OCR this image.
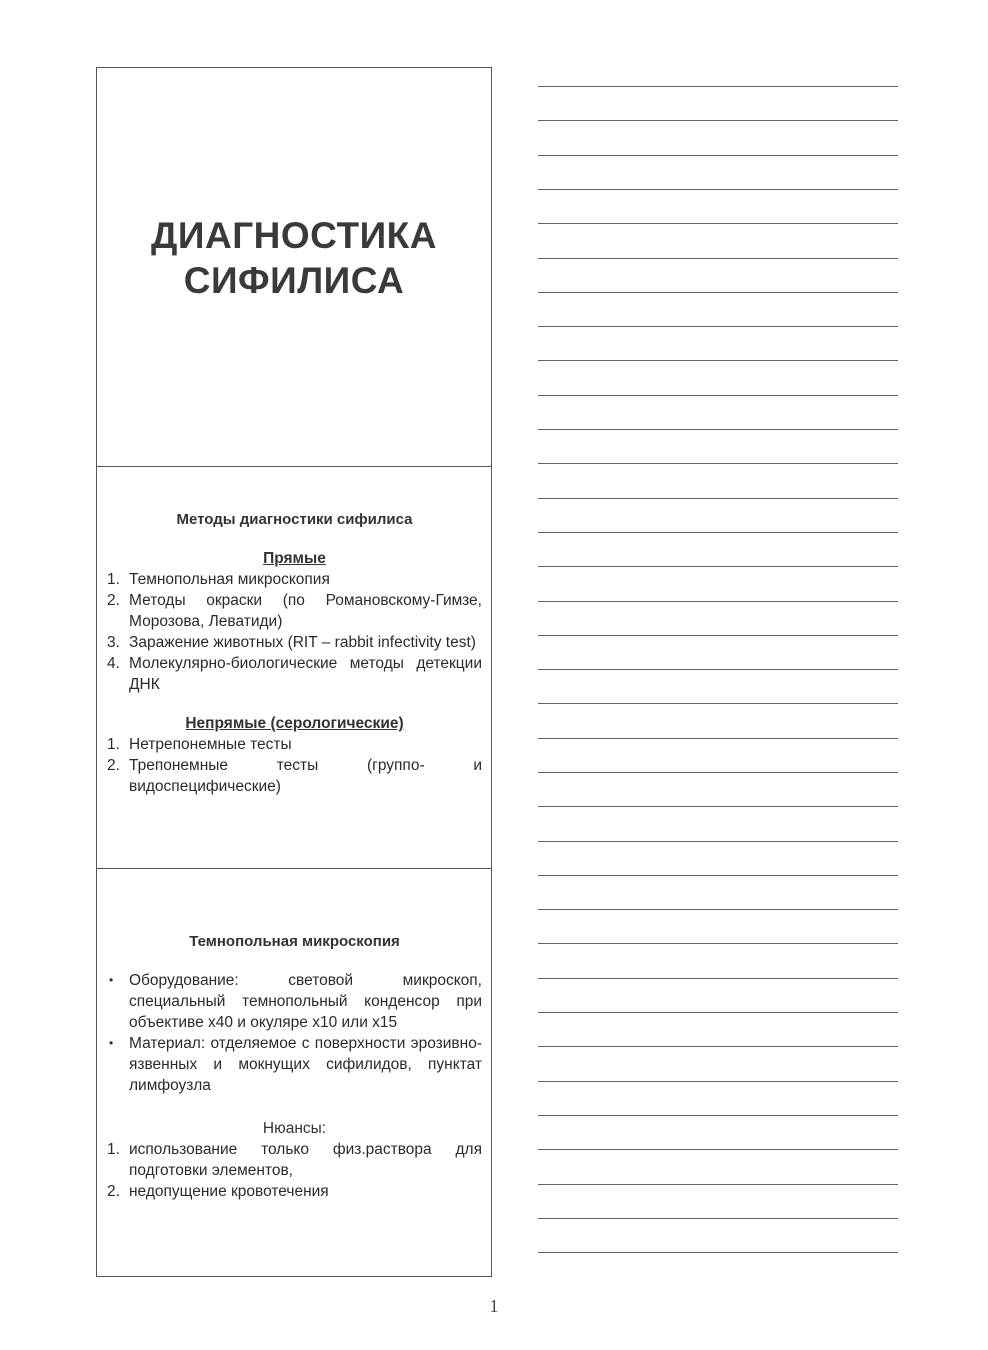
ДИАГНОСТИКА СИФИЛИСА

Методы диагностики сифилиса

Прямые

1. Темнопольная микроскопия
2. Методы окраски (по Романовскому-Гимзе, Морозова, Леватиди)
3. Заражение животных (RIT – rabbit infectivity test)
4. Молекулярно-биологические методы детекции ДНК

Непрямые (серологические)

1. Нетрепонемные тесты
2. Трепонемные тесты (группо- и видоспецифические)

Темнопольная микроскопия

•	Оборудование: световой микроскоп, специальный темнопольный конденсор при объективе x40 и окуляре x10 или x15
•	Материал: отделяемое с поверхности эрозивно-язвенных и мокнущих сифилидов, пунктат лимфоузла

Нюансы:

1. использование только физ.раствора для подготовки элементов,
2. недопущение кровотечения
1
